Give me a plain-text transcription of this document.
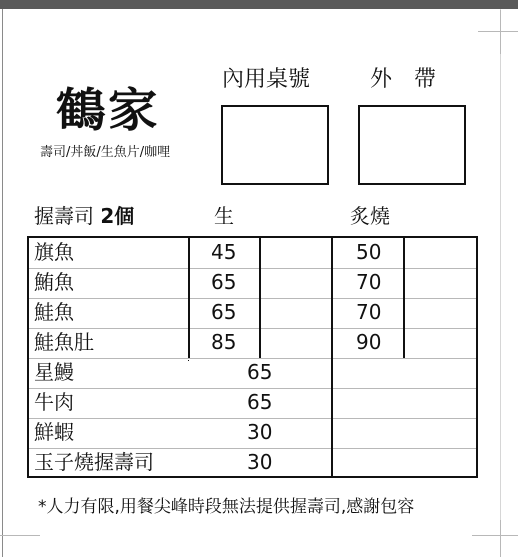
鶴家
壽司/丼飯/生魚片/咖哩
內用桌號	外　帶
握壽司 2個	生	炙燒
旗魚	45	50
鮪魚	65	70
鮭魚	65	70
鮭魚肚	85	90
星鰻	65
牛肉	65
鮮蝦	30
玉子燒握壽司	30
*人力有限,用餐尖峰時段無法提供握壽司,感謝包容
